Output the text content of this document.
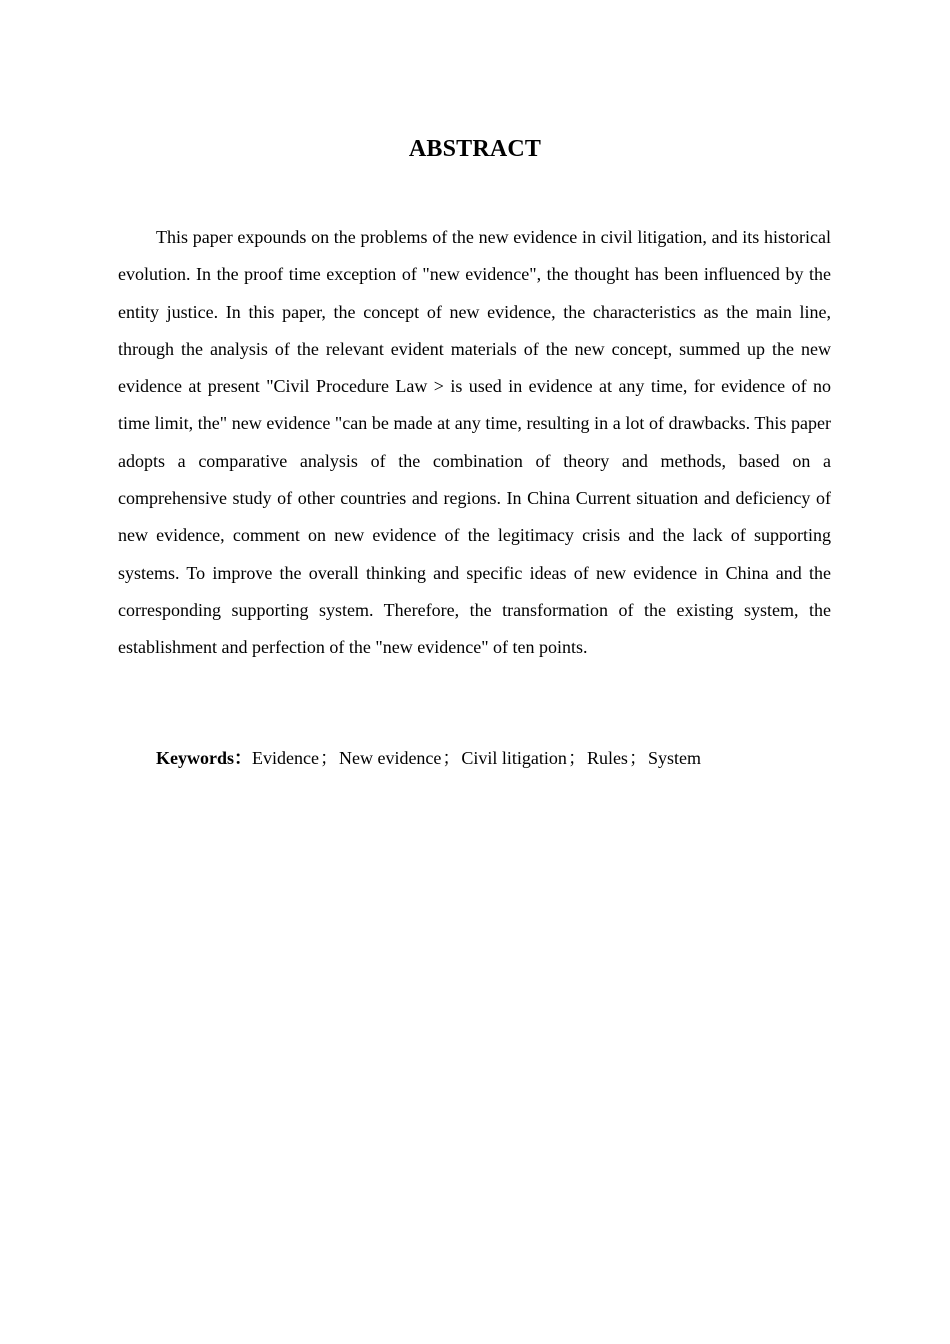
ABSTRACT

This paper expounds on the problems of the new evidence in civil litigation, and its historical evolution. In the proof time exception of "new evidence", the thought has been influenced by the entity justice. In this paper, the concept of new evidence, the characteristics as the main line, through the analysis of the relevant evident materials of the new concept, summed up the new evidence at present "Civil Procedure Law > is used in evidence at any time, for evidence of no time limit, the" new evidence "can be made at any time, resulting in a lot of drawbacks. This paper adopts a comparative analysis of the combination of theory and methods, based on a comprehensive study of other countries and regions. In China Current situation and deficiency of new evidence, comment on new evidence of the legitimacy crisis and the lack of supporting systems. To improve the overall thinking and specific ideas of new evidence in China and the corresponding supporting system. Therefore, the transformation of the existing system, the establishment and perfection of the "new evidence" of ten points.

Keywords：Evidence；New evidence；Civil litigation；Rules；System
